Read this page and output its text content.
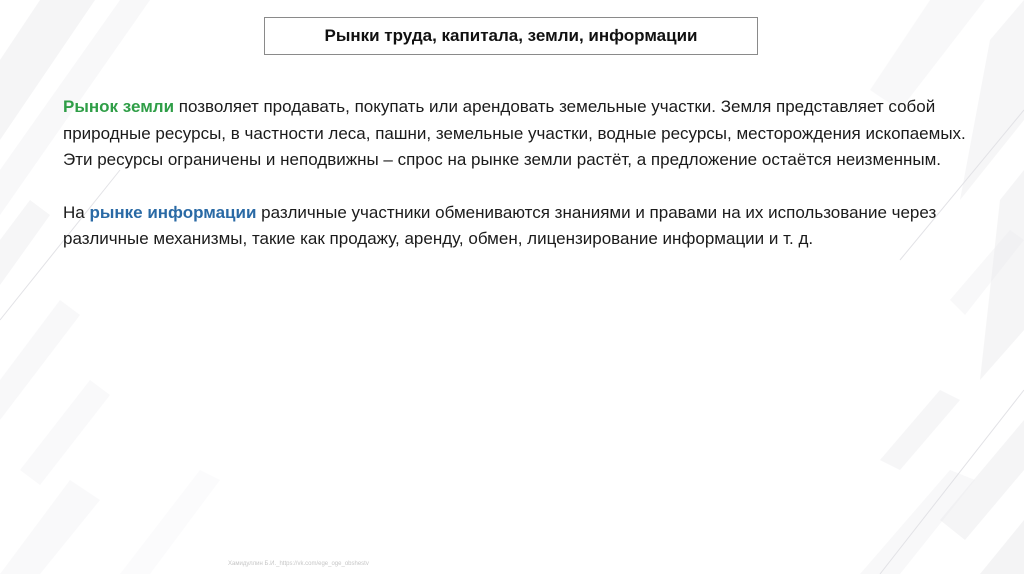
Рынки труда, капитала, земли, информации

Рынок земли позволяет продавать, покупать или арендовать земельные участки. Земля представляет собой природные ресурсы, в частности леса, пашни, земельные участки, водные ресурсы, месторождения ископаемых. Эти ресурсы ограничены и неподвижны – спрос на рынке земли растёт, а предложение остаётся неизменным.

На рынке информации различные участники обмениваются знаниями и правами на их использование через различные механизмы, такие как продажу, аренду, обмен, лицензирование информации и т. д.

Хамидуллин Б.И._https://vk.com/ege_oge_obshestv
